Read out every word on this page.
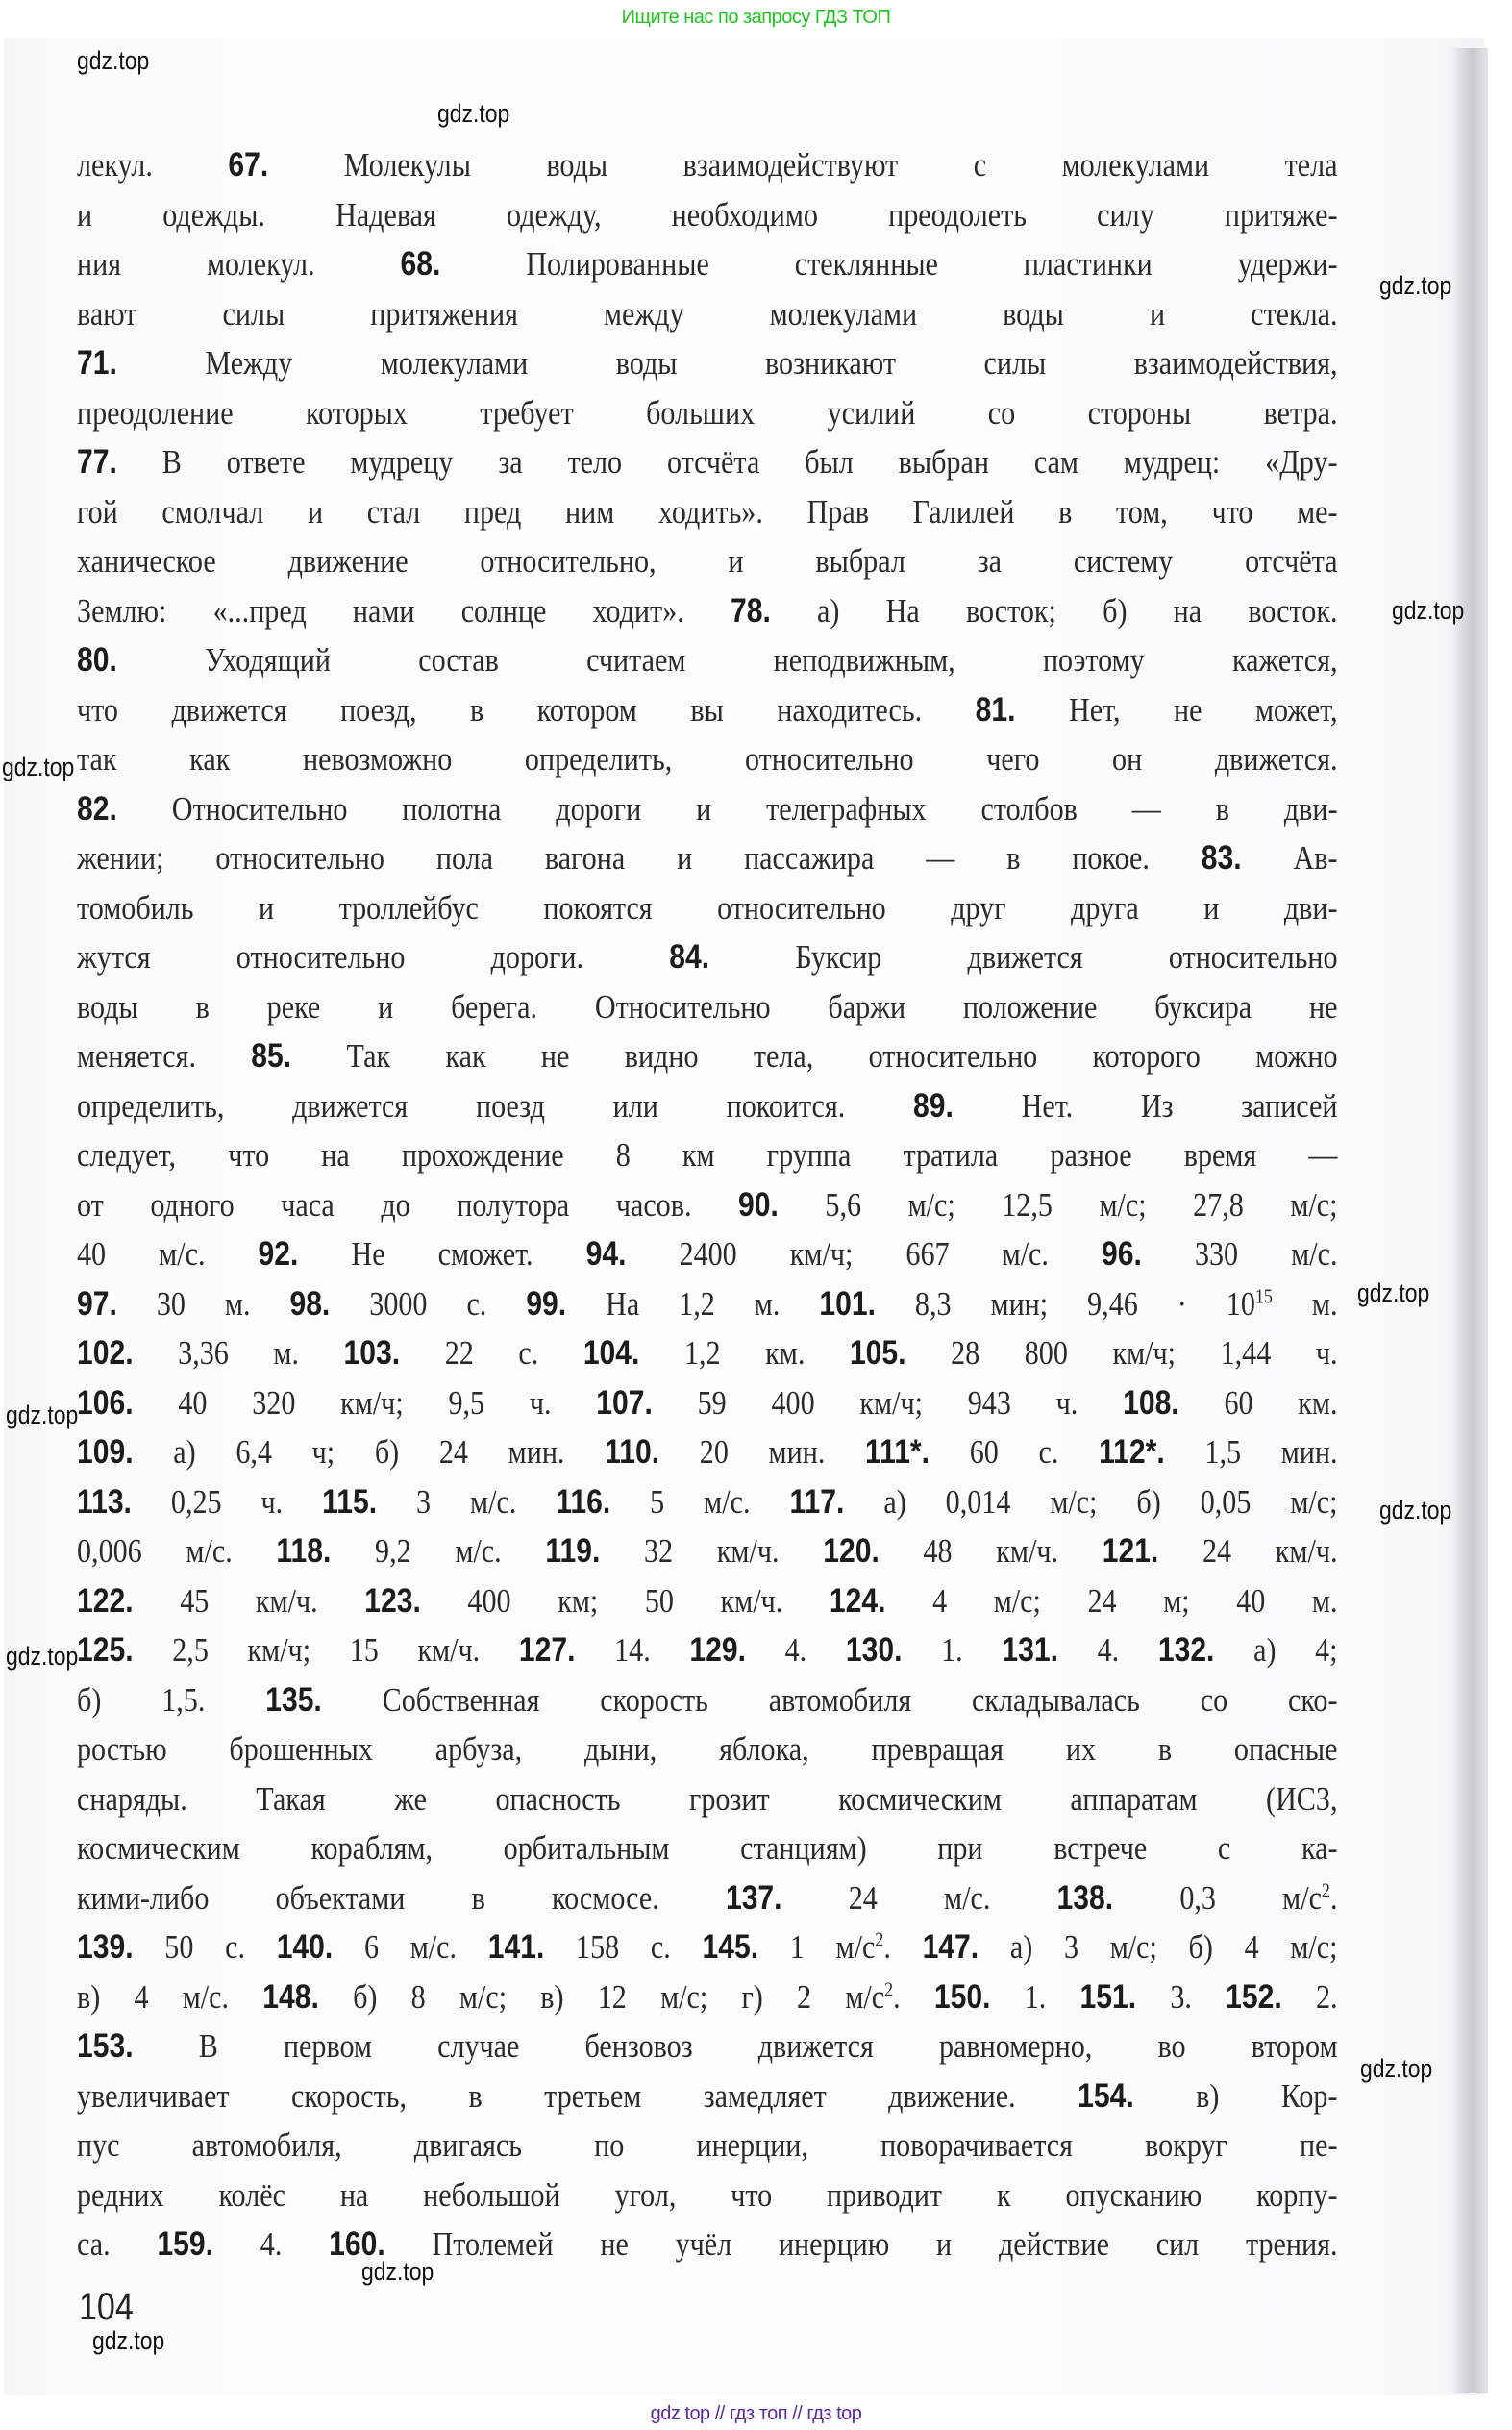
Ищите нас по запросу ГДЗ ТОП
лекул. 67. Молекулы воды взаимодействуют с молекулами тела
и одежды. Надевая одежду, необходимо преодолеть силу притяже-
ния молекул. 68. Полированные стеклянные пластинки удержи-
вают силы притяжения между молекулами воды и стекла.
71. Между молекулами воды возникают силы взаимодействия,
преодоление которых требует больших усилий со стороны ветра.
77. В ответе мудрецу за тело отсчёта был выбран сам мудрец: «Дру-
гой смолчал и стал пред ним ходить». Прав Галилей в том, что ме-
ханическое движение относительно, и выбрал за систему отсчёта
Землю: «...пред нами солнце ходит». 78. а) На восток; б) на восток.
80. Уходящий состав считаем неподвижным, поэтому кажется,
что движется поезд, в котором вы находитесь. 81. Нет, не может,
так как невозможно определить, относительно чего он движется.
82. Относительно полотна дороги и телеграфных столбов — в дви-
жении; относительно пола вагона и пассажира — в покое. 83. Ав-
томобиль и троллейбус покоятся относительно друг друга и дви-
жутся относительно дороги. 84. Буксир движется относительно
воды в реке и берега. Относительно баржи положение буксира не
меняется. 85. Так как не видно тела, относительно которого можно
определить, движется поезд или покоится. 89. Нет. Из записей
следует, что на прохождение 8 км группа тратила разное время —
от одного часа до полутора часов. 90. 5,6 м/с; 12,5 м/с; 27,8 м/с;
40 м/с. 92. Не сможет. 94. 2400 км/ч; 667 м/с. 96. 330 м/с.
97. 30 м. 98. 3000 с. 99. На 1,2 м. 101. 8,3 мин; $9,46 \cdot 10^{15}$ м.
102. 3,36 м. 103. 22 с. 104. 1,2 км. 105. 28 800 км/ч; 1,44 ч.
106. 40 320 км/ч; 9,5 ч. 107. 59 400 км/ч; 943 ч. 108. 60 км.
109. а) 6,4 ч; б) 24 мин. 110. 20 мин. 111*. 60 с. 112*. 1,5 мин.
113. 0,25 ч. 115. 3 м/с. 116. 5 м/с. 117. а) 0,014 м/с; б) 0,05 м/с;
0,006 м/с. 118. 9,2 м/с. 119. 32 км/ч. 120. 48 км/ч. 121. 24 км/ч.
122. 45 км/ч. 123. 400 км; 50 км/ч. 124. 4 м/с; 24 м; 40 м.
125. 2,5 км/ч; 15 км/ч. 127. 14. 129. 4. 130. 1. 131. 4. 132. а) 4;
б) 1,5. 135. Собственная скорость автомобиля складывалась со ско-
ростью брошенных арбуза, дыни, яблока, превращая их в опасные
снаряды. Такая же опасность грозит космическим аппаратам (ИСЗ,
космическим кораблям, орбитальным станциям) при встрече с ка-
кими-либо объектами в космосе. 137. 24 м/с. 138. 0,3 $м/с^2$.
139. 50 с. 140. 6 м/с. 141. 158 с. 145. 1 $м/с^2$. 147. а) 3 м/с; б) 4 м/с;
в) 4 м/с. 148. б) 8 м/с; в) 12 м/с; г) 2 $м/с^2$. 150. 1. 151. 3. 152. 2.
153. В первом случае бензовоз движется равномерно, во втором
увеличивает скорость, в третьем замедляет движение. 154. в) Кор-
пус автомобиля, двигаясь по инерции, поворачивается вокруг пе-
редних колёс на небольшой угол, что приводит к опусканию корпу-
са. 159. 4. 160. Птолемей не учёл инерцию и действие сил трения.
gdz.top
gdz.top
gdz.top
gdz.top
gdz.top
gdz.top
gdz.top
gdz.top
gdz.top
gdz.top
gdz.top
gdz.top
104
gdz top // гдз топ // гдз top
